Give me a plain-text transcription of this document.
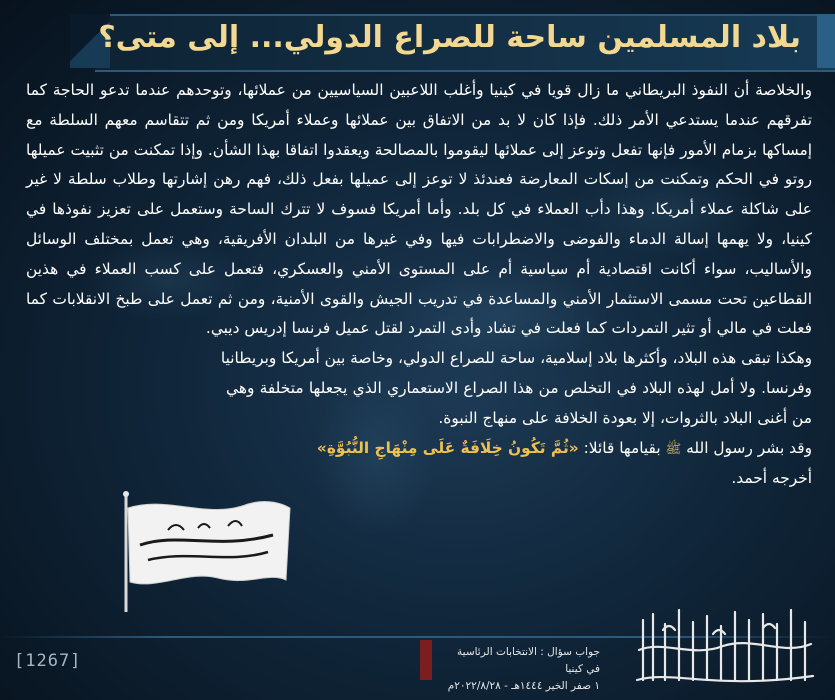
بلاد المسلمين ساحة للصراع الدولي... إلى متى؟

والخلاصة أن النفوذ البريطاني ما زال قويا في كينيا وأغلب اللاعبين السياسيين من عملائها، وتوحدهم عندما تدعو الحاجة كما تفرقهم عندما يستدعي الأمر ذلك. فإذا كان لا بد من الاتفاق بين عملائها وعملاء أمريكا ومن ثم تتقاسم معهم السلطة مع إمساكها بزمام الأمور فإنها تفعل وتوعز إلى عملائها ليقوموا بالمصالحة ويعقدوا اتفاقا بهذا الشأن. وإذا تمكنت من تثبيت عميلها روتو في الحكم وتمكنت من إسكات المعارضة فعندئذ لا توعز إلى عميلها بفعل ذلك، فهم رهن إشارتها وطلاب سلطة لا غير على شاكلة عملاء أمريكا. وهذا دأب العملاء في كل بلد. وأما أمريكا فسوف لا تترك الساحة وستعمل على تعزيز نفوذها في كينيا، ولا يهمها إسالة الدماء والفوضى والاضطرابات فيها وفي غيرها من البلدان الأفريقية، وهي تعمل بمختلف الوسائل والأساليب، سواء أكانت اقتصادية أم سياسية أم على المستوى الأمني والعسكري، فتعمل على كسب العملاء في هذين القطاعين تحت مسمى الاستثمار الأمني والمساعدة في تدريب الجيش والقوى الأمنية، ومن ثم تعمل على طبخ الانقلابات كما فعلت في مالي أو تثير التمردات كما فعلت في تشاد وأدى التمرد لقتل عميل فرنسا إدريس ديبي.

وهكذا تبقى هذه البلاد، وأكثرها بلاد إسلامية، ساحة للصراع الدولي، وخاصة بين أمريكا وبريطانيا

وفرنسا. ولا أمل لهذه البلاد في التخلص من هذا الصراع الاستعماري الذي يجعلها متخلفة وهي من أغنى البلاد بالثروات، إلا بعودة الخلافة على منهاج النبوة.

وقد بشر رسول الله ﷺ بقيامها قائلا: «ثُمَّ تَكُونُ خِلَافَةٌ عَلَى مِنْهَاجِ النُّبُوَّةِ»

أخرجه أحمد.

جواب سؤال : الانتخابات الرئاسية في كينيا
١ صفر الخير ١٤٤٤هـ - ٢٠٢٢/٨/٢٨م
[1267]
